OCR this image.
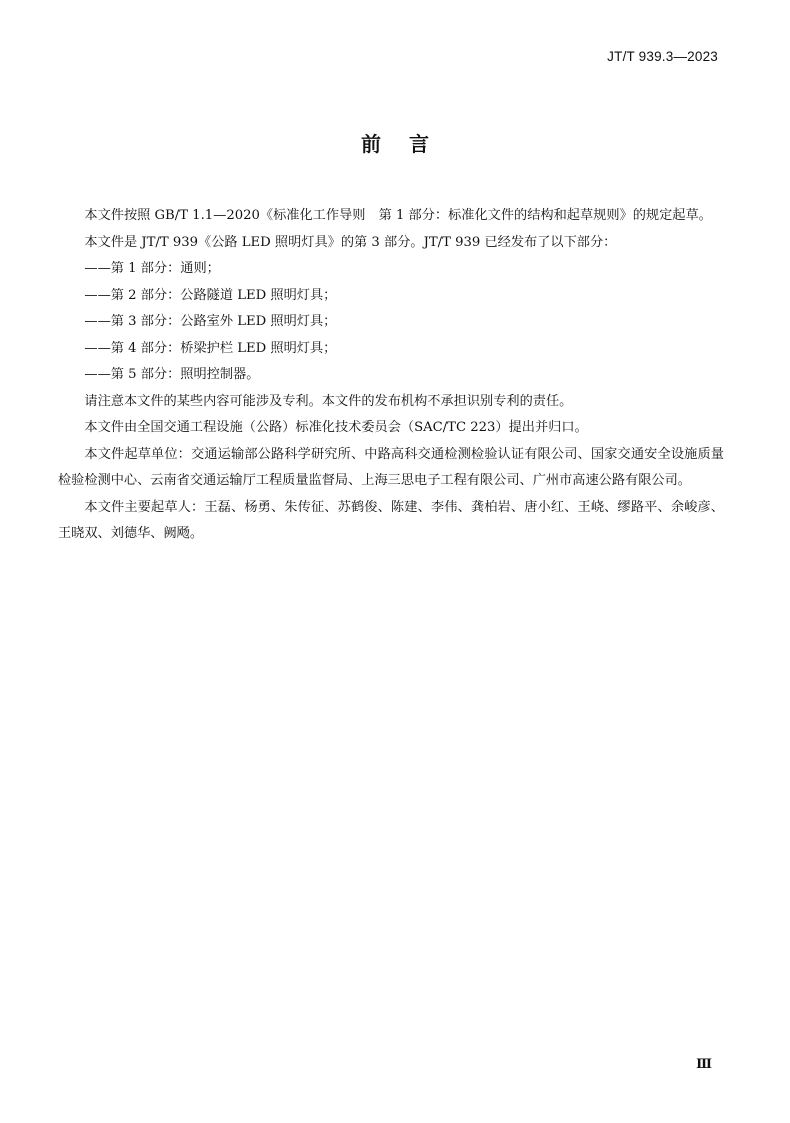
JT/T 939.3—2023
前言

本文件按照 GB/T 1.1—2020《标准化工作导则　第 1 部分：标准化文件的结构和起草规则》的规定起草。

本文件是 JT/T 939《公路 LED 照明灯具》的第 3 部分。JT/T 939 已经发布了以下部分：

——第 1 部分：通则；

——第 2 部分：公路隧道 LED 照明灯具；

——第 3 部分：公路室外 LED 照明灯具；

——第 4 部分：桥梁护栏 LED 照明灯具；

——第 5 部分：照明控制器。

请注意本文件的某些内容可能涉及专利。本文件的发布机构不承担识别专利的责任。

本文件由全国交通工程设施（公路）标准化技术委员会（SAC/TC 223）提出并归口。

本文件起草单位：交通运输部公路科学研究所、中路高科交通检测检验认证有限公司、国家交通安全设施质量检验检测中心、云南省交通运输厅工程质量监督局、上海三思电子工程有限公司、广州市高速公路有限公司。

本文件主要起草人：王磊、杨勇、朱传征、苏鹤俊、陈建、李伟、龚柏岩、唐小红、王峣、缪路平、余峻彦、王晓双、刘德华、阙飏。

Ⅲ
